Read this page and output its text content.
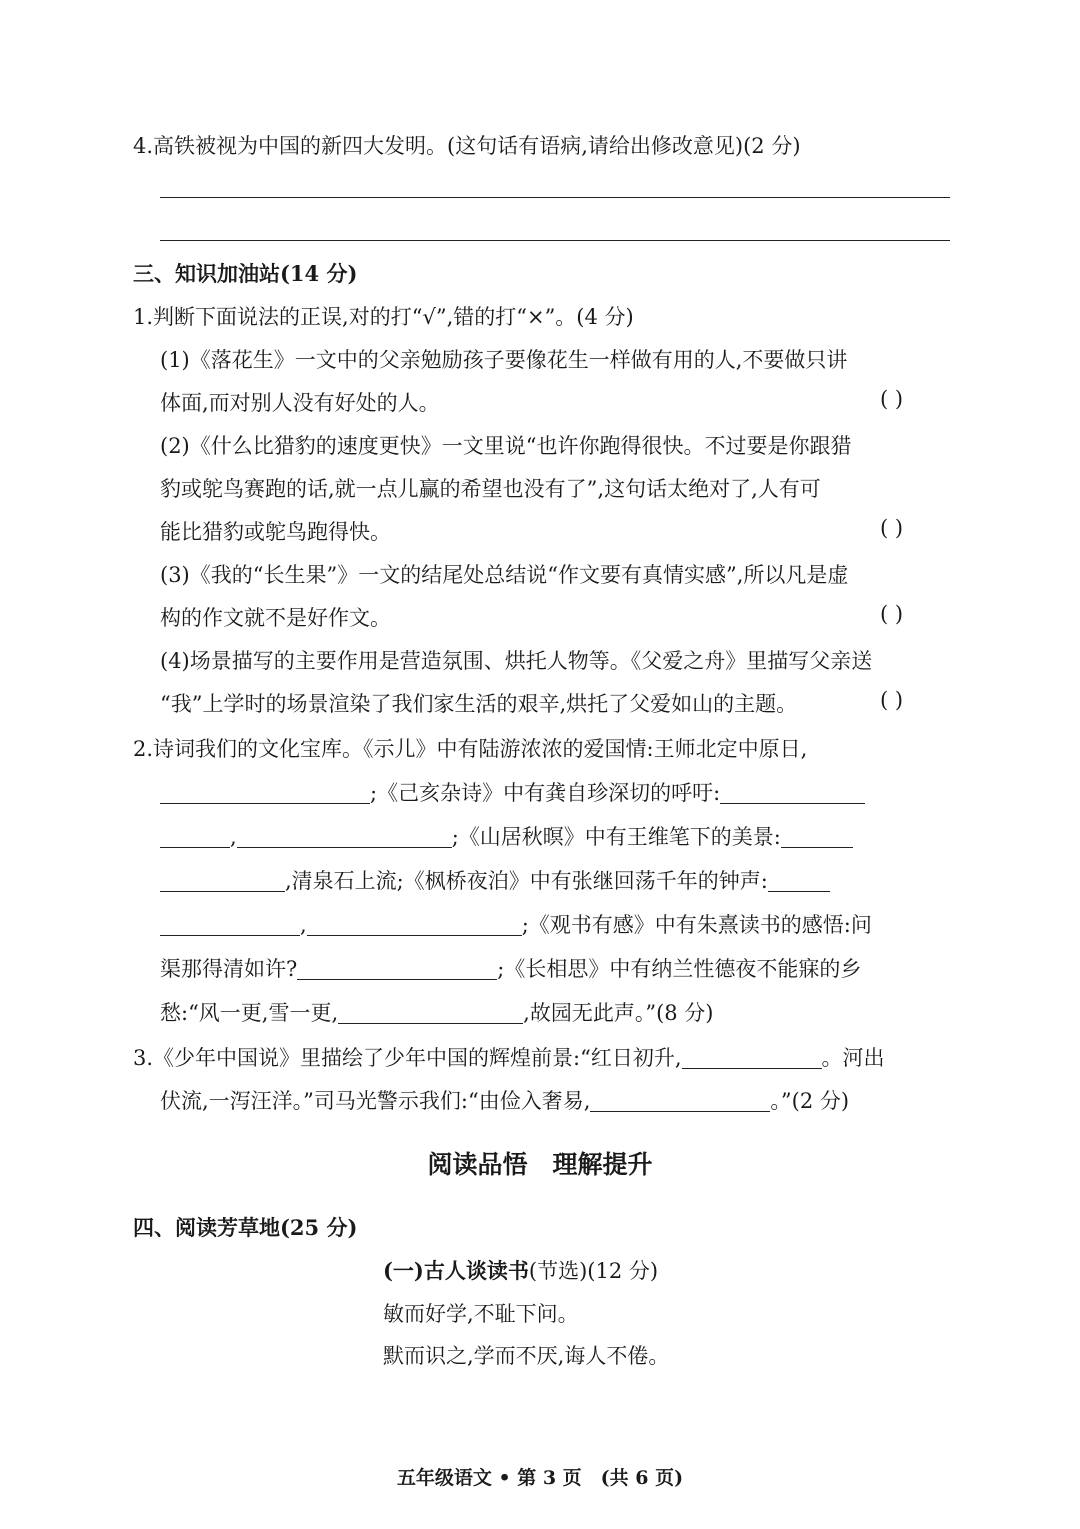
4.高铁被视为中国的新四大发明。(这句话有语病,请给出修改意见)(2 分)
三、知识加油站(14 分)
1.判断下面说法的正误,对的打“√”,错的打“×”。(4 分)
(1)《落花生》一文中的父亲勉励孩子要像花生一样做有用的人,不要做只讲
体面,而对别人没有好处的人。	( )
(2)《什么比猎豹的速度更快》一文里说“也许你跑得很快。不过要是你跟猎
豹或鸵鸟赛跑的话,就一点儿赢的希望也没有了”,这句话太绝对了,人有可
能比猎豹或鸵鸟跑得快。	( )
(3)《我的“长生果”》一文的结尾处总结说“作文要有真情实感”,所以凡是虚
构的作文就不是好作文。	( )
(4)场景描写的主要作用是营造氛围、烘托人物等。《父爱之舟》里描写父亲送
“我”上学时的场景渲染了我们家生活的艰辛,烘托了父爱如山的主题。	( )
2.诗词我们的文化宝库。《示儿》中有陆游浓浓的爱国情:王师北定中原日,
;《己亥杂诗》中有龚自珍深切的呼吁:
,	;《山居秋暝》中有王维笔下的美景:
,清泉石上流;《枫桥夜泊》中有张继回荡千年的钟声:
,	;《观书有感》中有朱熹读书的感悟:问
渠那得清如许?	;《长相思》中有纳兰性德夜不能寐的乡
愁:“风一更,雪一更,	,故园无此声。”(8 分)
3.《少年中国说》里描绘了少年中国的辉煌前景:“红日初升,	。河出
伏流,一泻汪洋。”司马光警示我们:“由俭入奢易,	。”(2 分)
阅读品悟　理解提升
四、阅读芳草地(25 分)
(一)古人谈读书(节选)(12 分)
敏而好学,不耻下问。
默而识之,学而不厌,诲人不倦。
五年级语文 • 第 3 页　(共 6 页)
